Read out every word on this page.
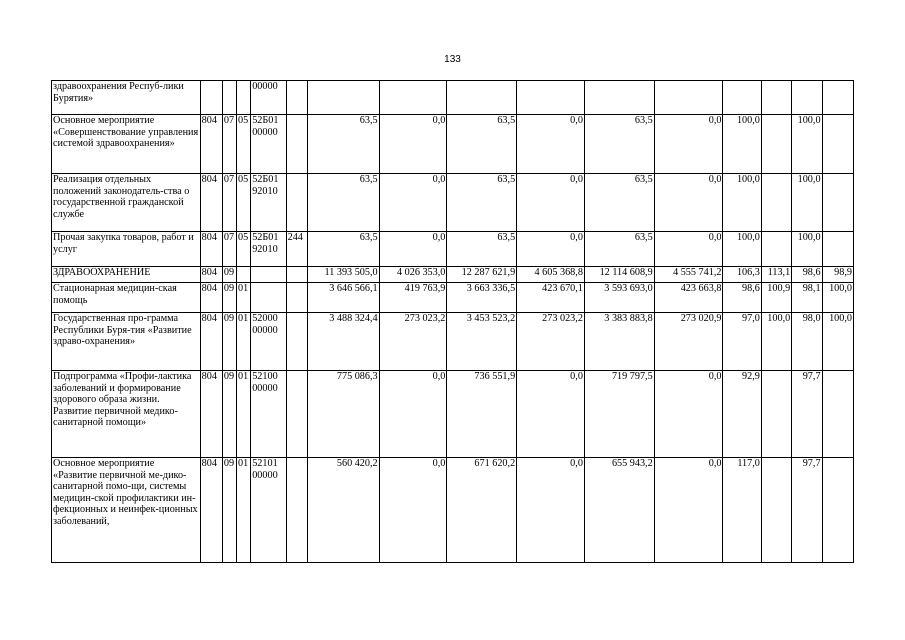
133
здравоохранения Респуб-лики Бурятия»				00000											
Основное мероприятие «Совершенствование управления системой здравоохранения»	804	07	05	52Б01 00000		63,5	0,0	63,5	0,0	63,5	0,0	100,0		100,0	
Реализация отдельных положений законодатель-ства о государственной гражданской службе	804	07	05	52Б01 92010		63,5	0,0	63,5	0,0	63,5	0,0	100,0		100,0	
Прочая закупка товаров, работ и услуг	804	07	05	52Б01 92010	244	63,5	0,0	63,5	0,0	63,5	0,0	100,0		100,0	
ЗДРАВООХРАНЕНИЕ	804	09				11 393 505,0	4 026 353,0	12 287 621,9	4 605 368,8	12 114 608,9	4 555 741,2	106,3	113,1	98,6	98,9
Стационарная медицин-ская помощь	804	09	01			3 646 566,1	419 763,9	3 663 336,5	423 670,1	3 593 693,0	423 663,8	98,6	100,9	98,1	100,0
Государственная про-грамма Республики Буря-тия «Развитие здраво-охранения»	804	09	01	52000 00000		3 488 324,4	273 023,2	3 453 523,2	273 023,2	3 383 883,8	273 020,9	97,0	100,0	98,0	100,0
Подпрограмма «Профи-лактика заболеваний и формирование здорового образа жизни. Развитие первичной медико-санитарной помощи»	804	09	01	52100 00000		775 086,3	0,0	736 551,9	0,0	719 797,5	0,0	92,9		97,7	
Основное мероприятие «Развитие первичной ме-дико-санитарной помо-щи, системы медицин-ской профилактики ин-фекционных и неинфек-ционных заболеваний,	804	09	01	52101 00000		560 420,2	0,0	671 620,2	0,0	655 943,2	0,0	117,0		97,7	
